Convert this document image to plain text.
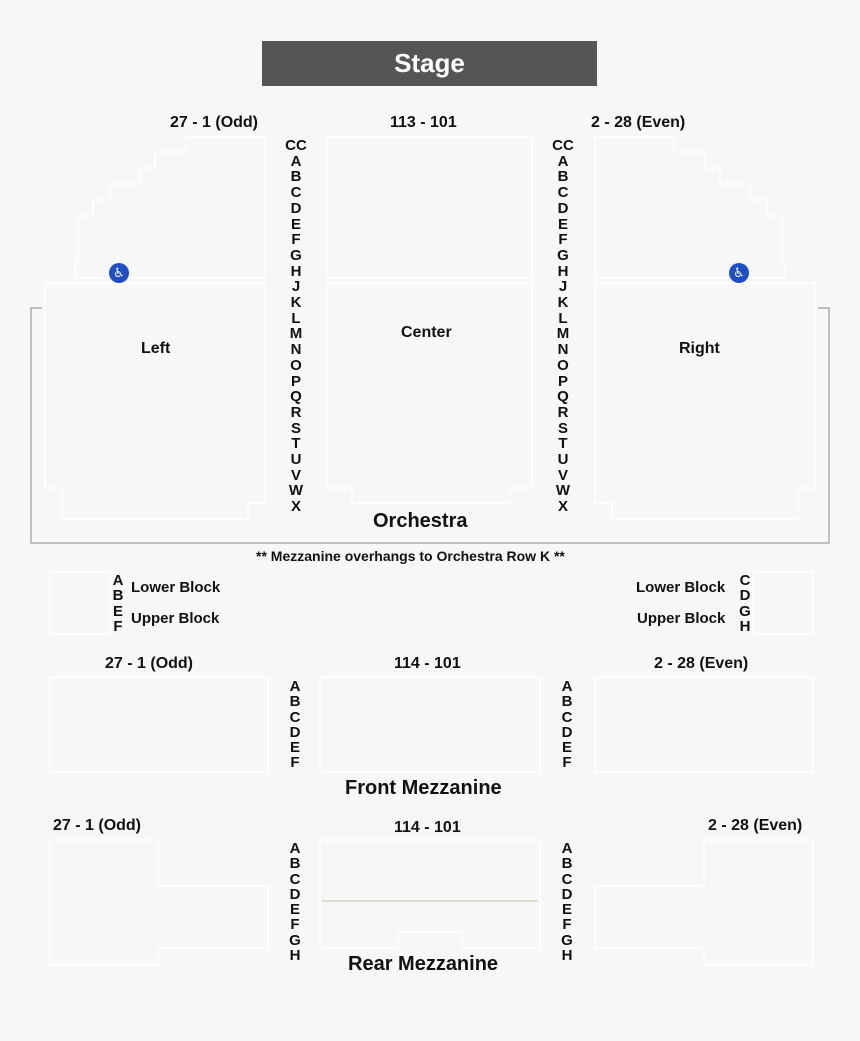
Stage
27 - 1 (Odd)	113 - 101	2 - 28 (Even)
CC
A
B
C
D
E
F
G
H
J
K
L
M
N
O
P
Q
R
S
T
U
V
W
X
CC
A
B
C
D
E
F
G
H
J
K
L
M
N
O
P
Q
R
S
T
U
V
W
X
Left
Center
Right
Orchestra
♿	♿
** Mezzanine overhangs to Orchestra Row K **
A
B
E
F
Lower Block
Upper Block
C
D
G
H
Lower Block
Upper Block
27 - 1 (Odd)	114 - 101	2 - 28 (Even)
A
B
C
D
E
F
A
B
C
D
E
F
Front Mezzanine
27 - 1 (Odd)	114 - 101	2 - 28 (Even)
A
B
C
D
E
F
G
H
A
B
C
D
E
F
G
H
Rear Mezzanine
